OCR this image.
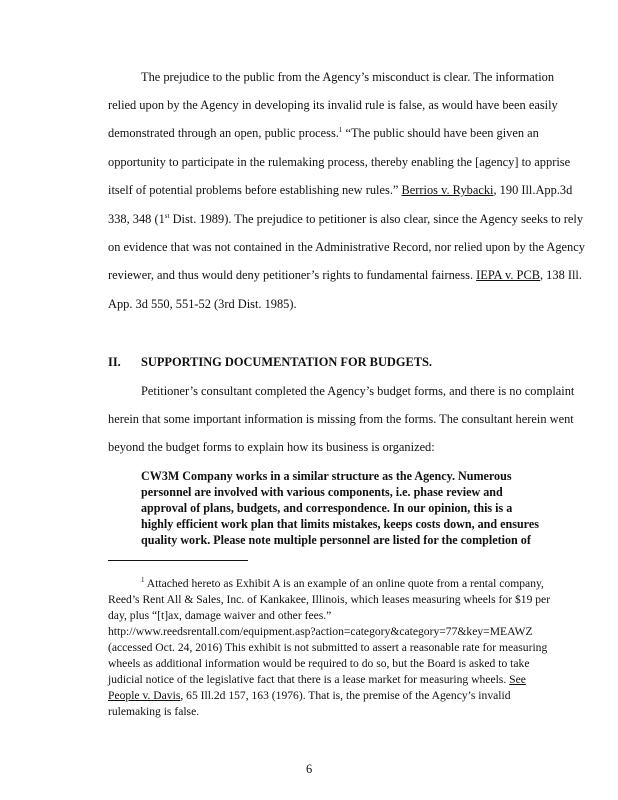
The prejudice to the public from the Agency’s misconduct is clear. The information
relied upon by the Agency in developing its invalid rule is false, as would have been easily
demonstrated through an open, public process.$^1$ “The public should have been given an
opportunity to participate in the rulemaking process, thereby enabling the [agency] to apprise
itself of potential problems before establishing new rules.” Berrios v. Rybacki, 190 Ill.App.3d
338, 348 (1st Dist. 1989). The prejudice to petitioner is also clear, since the Agency seeks to rely
on evidence that was not contained in the Administrative Record, nor relied upon by the Agency
reviewer, and thus would deny petitioner’s rights to fundamental fairness. IEPA v. PCB, 138 Ill.
App. 3d 550, 551-52 (3rd Dist. 1985).
II. SUPPORTING DOCUMENTATION FOR BUDGETS.
Petitioner’s consultant completed the Agency’s budget forms, and there is no complaint
herein that some important information is missing from the forms. The consultant herein went
beyond the budget forms to explain how its business is organized:
CW3M Company works in a similar structure as the Agency. Numerous
personnel are involved with various components, i.e. phase review and
approval of plans, budgets, and correspondence. In our opinion, this is a
highly efficient work plan that limits mistakes, keeps costs down, and ensures
quality work. Please note multiple personnel are listed for the completion of
$^1$ Attached hereto as Exhibit A is an example of an online quote from a rental company,
Reed’s Rent All & Sales, Inc. of Kankakee, Illinois, which leases measuring wheels for $19 per
day, plus “[t]ax, damage waiver and other fees.”
http://www.reedsrentall.com/equipment.asp?action=category&category=77&key=MEAWZ
(accessed Oct. 24, 2016) This exhibit is not submitted to assert a reasonable rate for measuring
wheels as additional information would be required to do so, but the Board is asked to take
judicial notice of the legislative fact that there is a lease market for measuring wheels. See
People v. Davis, 65 Ill.2d 157, 163 (1976). That is, the premise of the Agency’s invalid
rulemaking is false.
6
